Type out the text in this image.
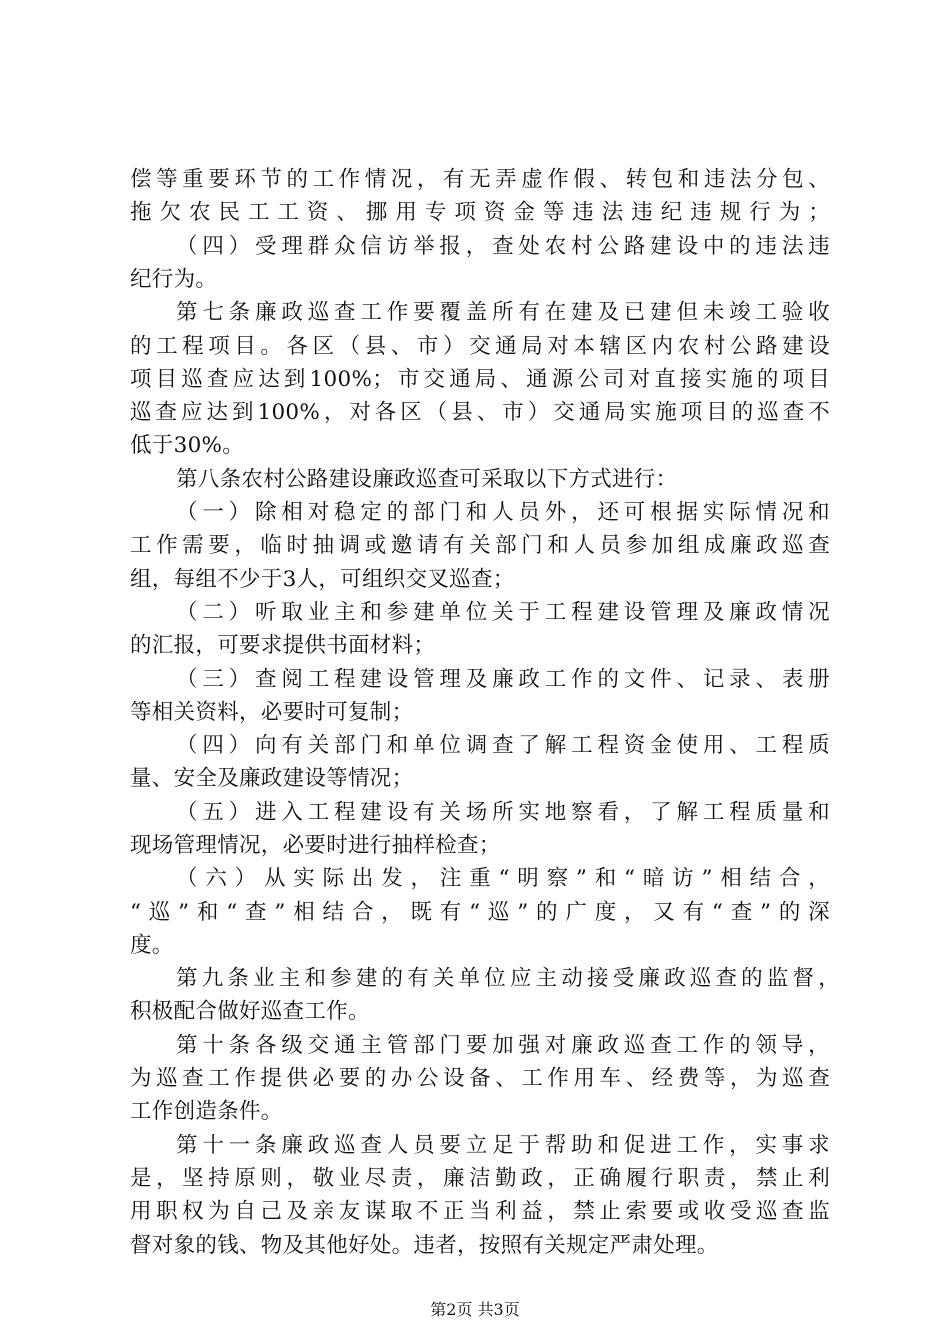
偿等重要环节的工作情况，有无弄虚作假、转包和违法分包、
拖欠农民工工资、挪用专项资金等违法违纪违规行为；
（四）受理群众信访举报，查处农村公路建设中的违法违
纪行为。
第七条廉政巡查工作要覆盖所有在建及已建但未竣工验收
的工程项目。各区（县、市）交通局对本辖区内农村公路建设
项目巡查应达到100%；市交通局、通源公司对直接实施的项目
巡查应达到100%，对各区（县、市）交通局实施项目的巡查不
低于30%。
第八条农村公路建设廉政巡查可采取以下方式进行：
（一）除相对稳定的部门和人员外，还可根据实际情况和
工作需要，临时抽调或邀请有关部门和人员参加组成廉政巡查
组，每组不少于3人，可组织交叉巡查；
（二）听取业主和参建单位关于工程建设管理及廉政情况
的汇报，可要求提供书面材料；
（三）查阅工程建设管理及廉政工作的文件、记录、表册
等相关资料，必要时可复制；
（四）向有关部门和单位调查了解工程资金使用、工程质
量、安全及廉政建设等情况；
（五）进入工程建设有关场所实地察看，了解工程质量和
现场管理情况，必要时进行抽样检查；
（六）从实际出发，注重“明察”和“暗访”相结合，
“巡”和“查”相结合，既有“巡”的广度，又有“查”的深
度。
第九条业主和参建的有关单位应主动接受廉政巡查的监督，
积极配合做好巡查工作。
第十条各级交通主管部门要加强对廉政巡查工作的领导，
为巡查工作提供必要的办公设备、工作用车、经费等，为巡查
工作创造条件。
第十一条廉政巡查人员要立足于帮助和促进工作，实事求
是，坚持原则，敬业尽责，廉洁勤政，正确履行职责，禁止利
用职权为自己及亲友谋取不正当利益，禁止索要或收受巡查监
督对象的钱、物及其他好处。违者，按照有关规定严肃处理。
第2页 共3页
